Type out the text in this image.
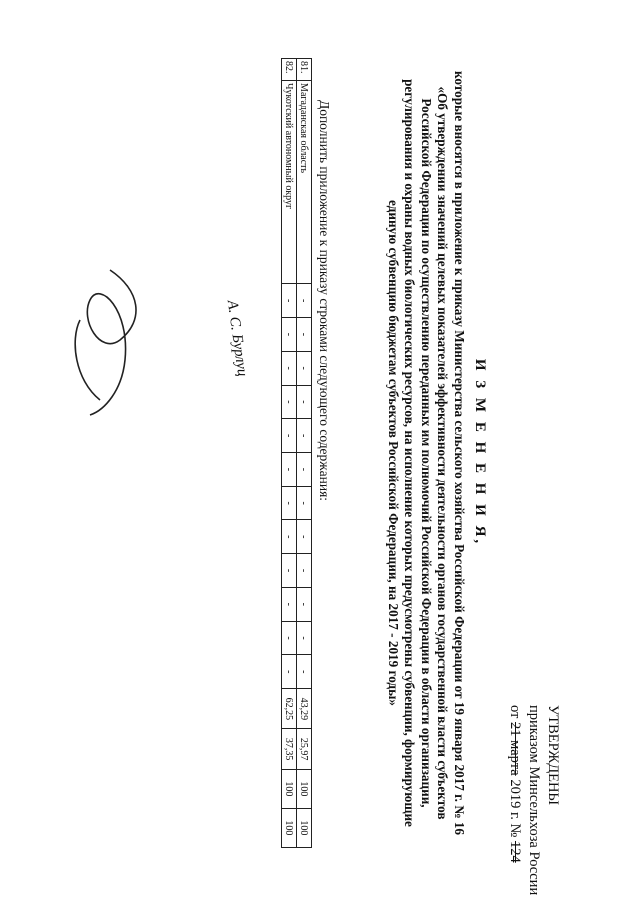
УТВЕРЖДЕНЫ
приказом Минсельхоза России
от 21 марта 2019 г. № 124
И З М Е Н Е Н И Я,
которые вносятся в приложение к приказу Министерства сельского хозяйства Российской Федерации от 19 января 2017 г. № 16 «Об утверждении значений целевых показателей эффективности деятельности органов государственной власти субъектов Российской Федерации по осуществлению переданных им полномочий Российской Федерации в области организации, регулирования и охраны водных биологических ресурсов, на исполнение которых предусмотрены субвенции, формирующие единую субвенцию бюджетам субъектов Российской Федерации, на 2017 - 2019 годы»
Дополнить приложение к приказу строками следующего содержания:
81.	Магаданская область	-	-	-	-	-	-	-	-	-	-	-	-	43,29	25,97	100	100
82.	Чукотский автономный округ	-	-	-	-	-	-	-	-	-	-	-	-	62,25	37,35	100	100
А. С. Бурлуц
